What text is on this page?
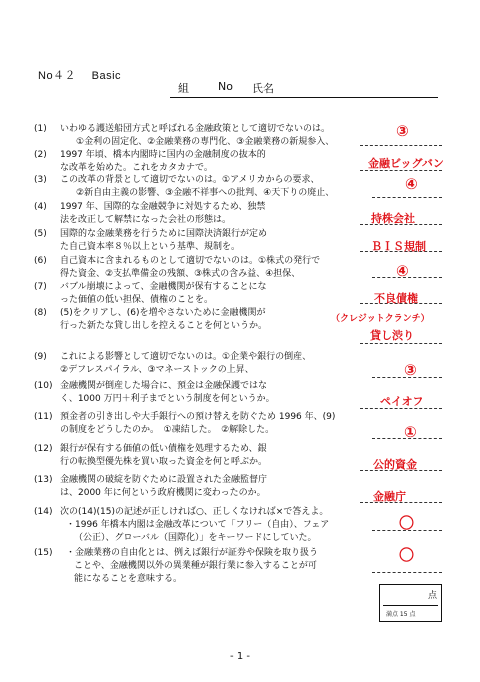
No４２ Basic
組	No	氏名
(1) いわゆる護送船団方式と呼ばれる金融政策として適切でないのは。
①金利の固定化、②金融業務の専門化、③金融業務の新規参入、
③
(2) 1997 年頃、橋本内閣時に国内の金融制度の抜本的
な改革を始めた。これをカタカナで。	金融ビッグバン
(3) この改革の背景として適切でないのは。①アメリカからの要求、
②新自由主義の影響、③金融不祥事への批判、④天下りの廃止、	④
(4) 1997 年、国際的な金融競争に対処するため、独禁
法を改正して解禁になった会社の形態は。	持株会社
(5) 国際的な金融業務を行うために国際決済銀行が定め
た自己資本率８％以上という基準、規制を。	ＢＩＳ規制
(6) 自己資本に含まれるものとして適切でないのは。①株式の発行で
得た資金、②支払準備金の残額、③株式の含み益、④担保、	④
(7) バブル崩壊によって、金融機関が保有することにな
った価値の低い担保、債権のことを。	不良債権
(8) (5)をクリアし、(6)を増やさないために金融機関が
行った新たな貸し出しを控えることを何というか。
（クレジットクランチ）
貸し渋り
(9) これによる影響として適切でないのは。①企業や銀行の倒産、
②デフレスパイラル、③マネーストックの上昇、	③
(10) 金融機関が倒産した場合に、預金は金融保護ではな
く、1000 万円＋利子までという制度を何というか。	ペイオフ
(11) 預金者の引き出しや大手銀行への預け替えを防ぐため 1996 年、(9)
の制度をどうしたのか。　①凍結した。　②解除した。	①
(12) 銀行が保有する価値の低い債権を処理するため、銀
行の転換型優先株を買い取った資金を何と呼ぶか。	公的資金
(13) 金融機関の破綻を防ぐために設置された金融監督庁
は、2000 年に何という政府機関に変わったのか。	金融庁
(14) 次の(14)(15)の記述が正しければ○、正しくなければ×で答えよ。
・1996 年橋本内閣は金融改革について「フリー（自由）、フェア
（公正）、グローバル（国際化）」をキーワードにしていた。
〇
(15) ・金融業務の自由化とは、例えば銀行が証券や保険を取り扱う
ことや、金融機関以外の異業種が銀行業に参入することが可
能になることを意味する。
〇
点
満点 15 点
- 1 -
